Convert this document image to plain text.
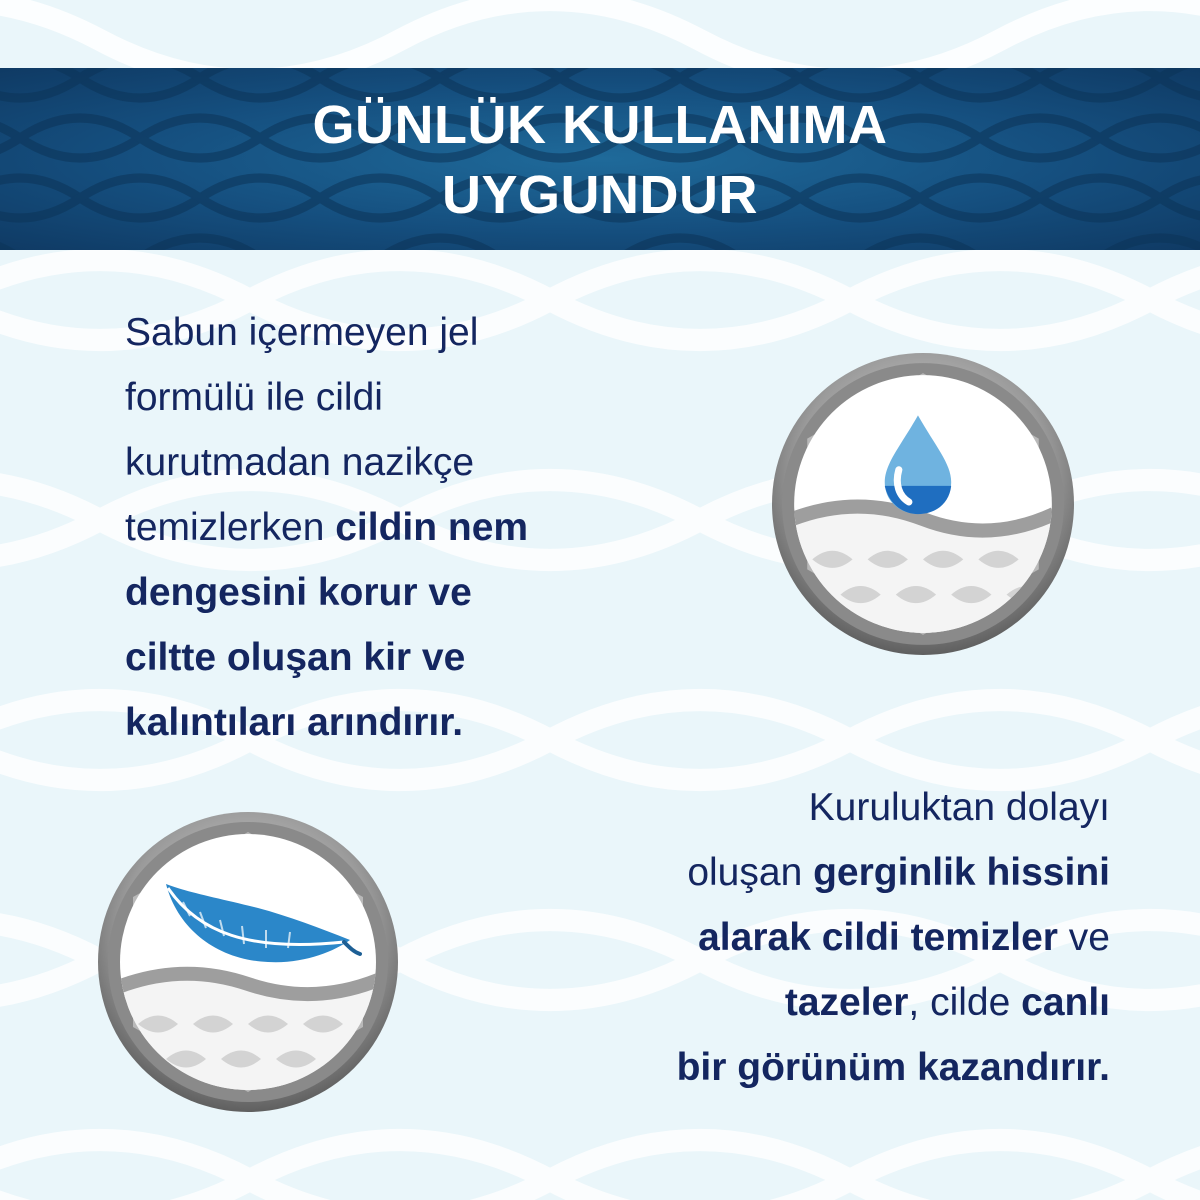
GÜNLÜK KULLANIMA
UYGUNDUR
Sabun içermeyen jel
formülü ile cildi
kurutmadan nazikçe
temizlerken cildin nem
dengesini korur ve
ciltte oluşan kir ve
kalıntıları arındırır.
Kuruluktan dolayı
oluşan gerginlik hissini
alarak cildi temizler ve
tazeler, cilde canlı
bir görünüm kazandırır.
